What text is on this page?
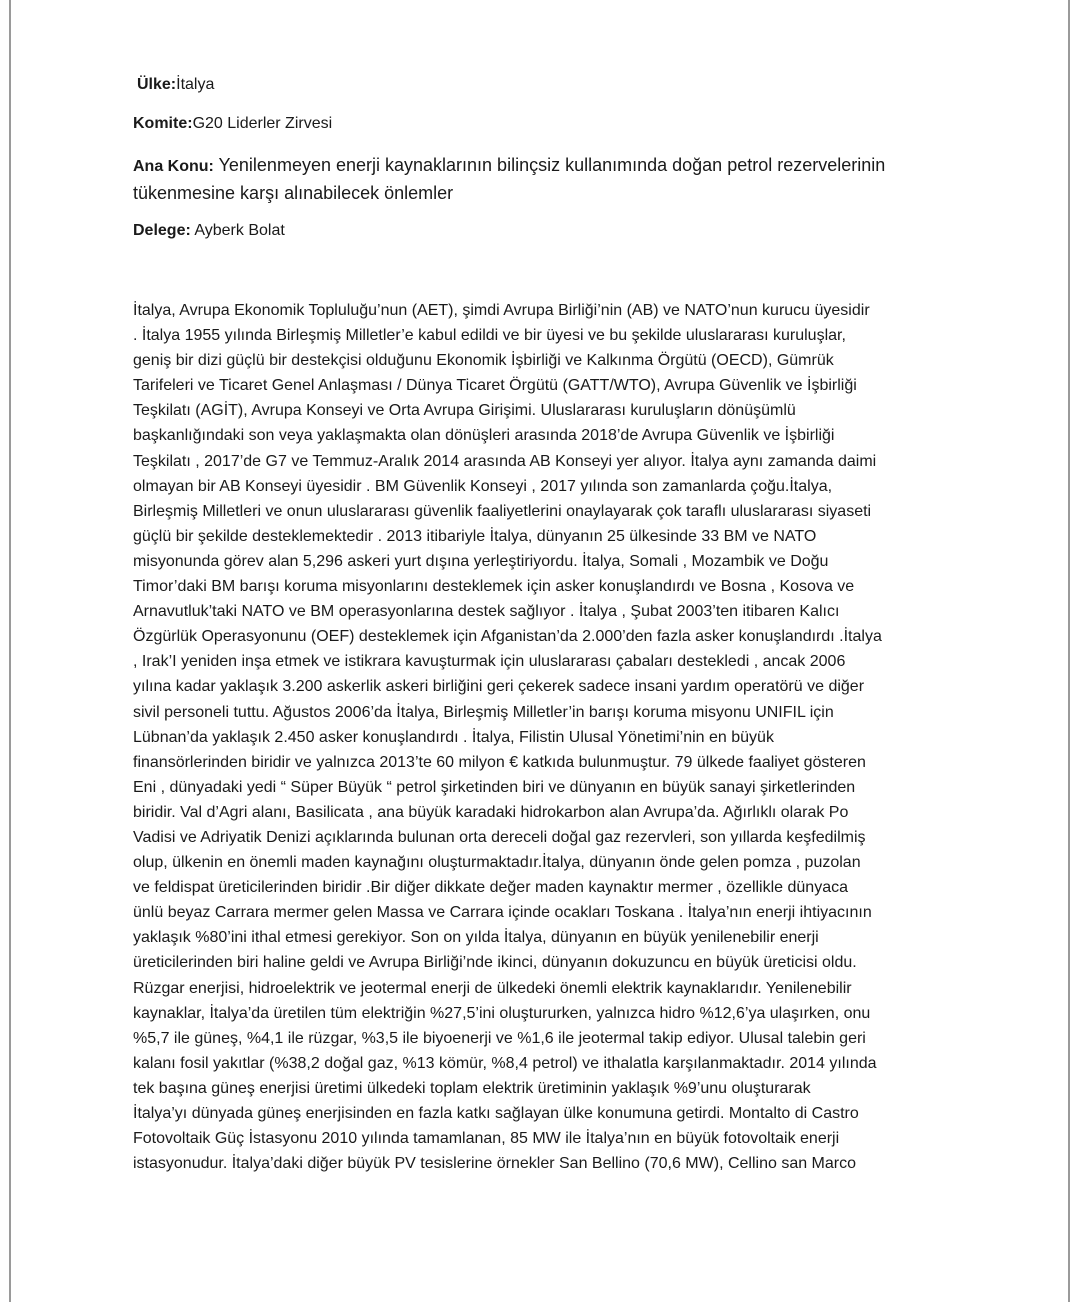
Ülke:İtalya
Komite:G20 Liderler Zirvesi
Ana Konu: Yenilenmeyen enerji kaynaklarının bilinçsiz kullanımında doğan petrol rezervelerinin tükenmesine karşı alınabilecek önlemler
Delege: Ayberk Bolat
İtalya, Avrupa Ekonomik Topluluğu’nun (AET), şimdi Avrupa Birliği’nin (AB) ve NATO’nun kurucu üyesidir
. İtalya 1955 yılında Birleşmiş Milletler’e kabul edildi ve bir üyesi ve bu şekilde uluslararası kuruluşlar,
geniş bir dizi güçlü bir destekçisi olduğunu Ekonomik İşbirliği ve Kalkınma Örgütü (OECD), Gümrük
Tarifeleri ve Ticaret Genel Anlaşması / Dünya Ticaret Örgütü (GATT/WTO), Avrupa Güvenlik ve İşbirliği
Teşkilatı (AGİT), Avrupa Konseyi ve Orta Avrupa Girişimi. Uluslararası kuruluşların dönüşümlü
başkanlığındaki son veya yaklaşmakta olan dönüşleri arasında 2018’de Avrupa Güvenlik ve İşbirliği
Teşkilatı , 2017’de G7 ve Temmuz-Aralık 2014 arasında AB Konseyi yer alıyor. İtalya aynı zamanda daimi
olmayan bir AB Konseyi üyesidir . BM Güvenlik Konseyi , 2017 yılında son zamanlarda çoğu.İtalya,
Birleşmiş Milletleri ve onun uluslararası güvenlik faaliyetlerini onaylayarak çok taraflı uluslararası siyaseti
güçlü bir şekilde desteklemektedir . 2013 itibariyle İtalya, dünyanın 25 ülkesinde 33 BM ve NATO
misyonunda görev alan 5,296 askeri yurt dışına yerleştiriyordu. İtalya, Somali , Mozambik ve Doğu
Timor’daki BM barışı koruma misyonlarını desteklemek için asker konuşlandırdı ve Bosna , Kosova ve
Arnavutluk’taki NATO ve BM operasyonlarına destek sağlıyor . İtalya , Şubat 2003’ten itibaren Kalıcı
Özgürlük Operasyonunu (OEF) desteklemek için Afganistan’da 2.000’den fazla asker konuşlandırdı .İtalya
, Irak’I yeniden inşa etmek ve istikrara kavuşturmak için uluslararası çabaları destekledi , ancak 2006
yılına kadar yaklaşık 3.200 askerlik askeri birliğini geri çekerek sadece insani yardım operatörü ve diğer
sivil personeli tuttu. Ağustos 2006’da İtalya, Birleşmiş Milletler’in barışı koruma misyonu UNIFIL için
Lübnan’da yaklaşık 2.450 asker konuşlandırdı . İtalya, Filistin Ulusal Yönetimi’nin en büyük
finansörlerinden biridir ve yalnızca 2013’te 60 milyon € katkıda bulunmuştur. 79 ülkede faaliyet gösteren
Eni , dünyadaki yedi “ Süper Büyük “ petrol şirketinden biri ve dünyanın en büyük sanayi şirketlerinden
biridir. Val d’Agri alanı, Basilicata , ana büyük karadaki hidrokarbon alan Avrupa’da. Ağırlıklı olarak Po
Vadisi ve Adriyatik Denizi açıklarında bulunan orta dereceli doğal gaz rezervleri, son yıllarda keşfedilmiş
olup, ülkenin en önemli maden kaynağını oluşturmaktadır.İtalya, dünyanın önde gelen pomza , puzolan
ve feldispat üreticilerinden biridir .Bir diğer dikkate değer maden kaynaktır mermer , özellikle dünyaca
ünlü beyaz Carrara mermer gelen Massa ve Carrara içinde ocakları Toskana . İtalya’nın enerji ihtiyacının
yaklaşık %80’ini ithal etmesi gerekiyor. Son on yılda İtalya, dünyanın en büyük yenilenebilir enerji
üreticilerinden biri haline geldi ve Avrupa Birliği’nde ikinci, dünyanın dokuzuncu en büyük üreticisi oldu.
Rüzgar enerjisi, hidroelektrik ve jeotermal enerji de ülkedeki önemli elektrik kaynaklarıdır. Yenilenebilir
kaynaklar, İtalya’da üretilen tüm elektriğin %27,5’ini oluştururken, yalnızca hidro %12,6’ya ulaşırken, onu
%5,7 ile güneş, %4,1 ile rüzgar, %3,5 ile biyoenerji ve %1,6 ile jeotermal takip ediyor. Ulusal talebin geri
kalanı fosil yakıtlar (%38,2 doğal gaz, %13 kömür, %8,4 petrol) ve ithalatla karşılanmaktadır. 2014 yılında
tek başına güneş enerjisi üretimi ülkedeki toplam elektrik üretiminin yaklaşık %9’unu oluşturarak
İtalya’yı dünyada güneş enerjisinden en fazla katkı sağlayan ülke konumuna getirdi. Montalto di Castro
Fotovoltaik Güç İstasyonu 2010 yılında tamamlanan, 85 MW ile İtalya’nın en büyük fotovoltaik enerji
istasyonudur. İtalya’daki diğer büyük PV tesislerine örnekler San Bellino (70,6 MW), Cellino san Marco
